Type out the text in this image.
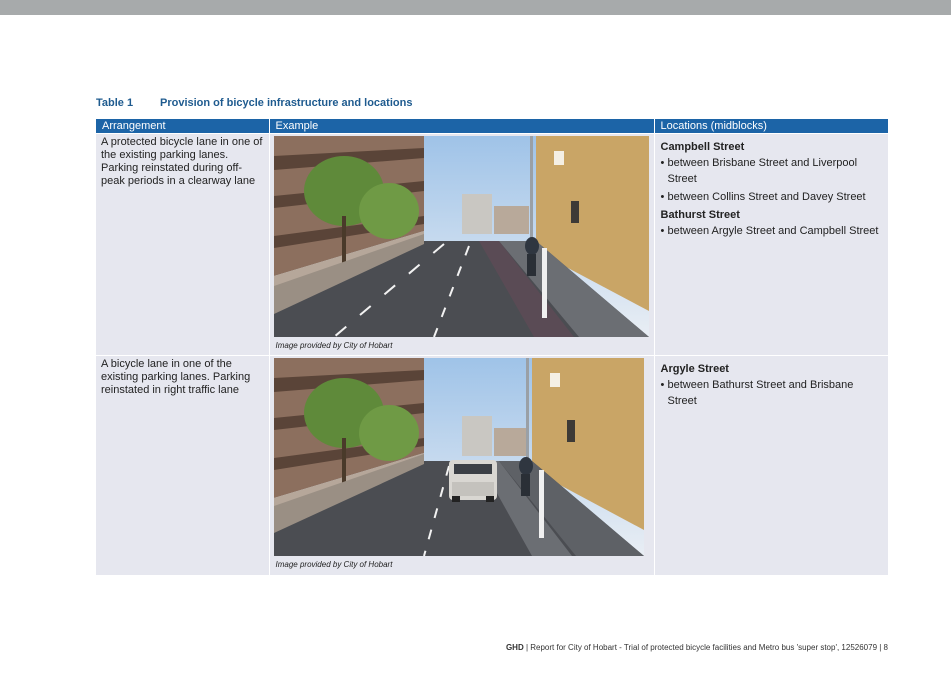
Table 1 Provision of bicycle infrastructure and locations
Arrangement	Example	Locations (midblocks)

A protected bicycle lane in one of the existing parking lanes. Parking reinstated during off-peak periods in a clearway lane	Image provided by City of Hobart	Campbell Street
• between Brisbane Street and Liverpool Street
• between Collins Street and Davey Street
Bathurst Street
• between Argyle Street and Campbell Street

A bicycle lane in one of the existing parking lanes. Parking reinstated in right traffic lane	Image provided by City of Hobart	Argyle Street
• between Bathurst Street and Brisbane Street
GHD | Report for City of Hobart - Trial of protected bicycle facilities and Metro bus 'super stop', 12526079 | 8
